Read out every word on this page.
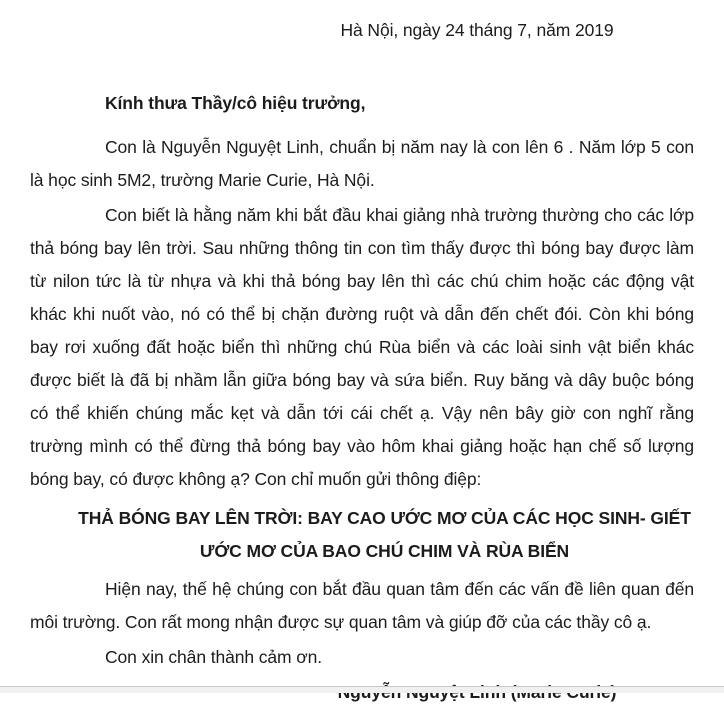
Hà Nội, ngày 24 tháng 7, năm 2019
Kính thưa Thầy/cô hiệu trưởng,
Con là Nguyễn Nguyệt Linh, chuẩn bị năm nay là con lên 6 . Năm lớp 5 con là học sinh 5M2, trường Marie Curie, Hà Nội.
Con biết là hằng năm khi bắt đầu khai giảng nhà trường thường cho các lớp thả bóng bay lên trời. Sau những thông tin con tìm thấy được thì bóng bay được làm từ nilon tức là từ nhựa và khi thả bóng bay lên thì các chú chim hoặc các động vật khác khi nuốt vào, nó có thể bị chặn đường ruột và dẫn đến chết đói. Còn khi bóng bay rơi xuống đất hoặc biển thì những chú Rùa biển và các loài sinh vật biển khác được biết là đã bị nhầm lẫn giữa bóng bay và sứa biển. Ruy băng và dây buộc bóng có thể khiến chúng mắc kẹt và dẫn tới cái chết ạ. Vậy nên bây giờ con nghĩ rằng trường mình có thể đừng thả bóng bay vào hôm khai giảng hoặc hạn chế số lượng bóng bay, có được không ạ? Con chỉ muốn gửi thông điệp:
THẢ BÓNG BAY LÊN TRỜI: BAY CAO ƯỚC MƠ CỦA CÁC HỌC SINH- GIẾT
ƯỚC MƠ CỦA BAO CHÚ CHIM VÀ RÙA BIỂN
Hiện nay, thế hệ chúng con bắt đầu quan tâm đến các vấn đề liên quan đến môi trường. Con rất mong nhận được sự quan tâm và giúp đỡ của các thầy cô ạ.
Con xin chân thành cảm ơn.
